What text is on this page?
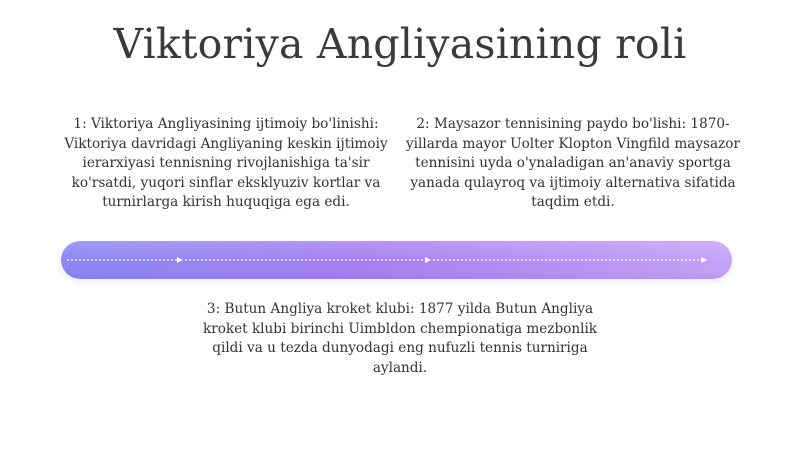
Viktoriya Angliyasining roli
1: Viktoriya Angliyasining ijtimoiy bo'linishi: Viktoriya davridagi Angliyaning keskin ijtimoiy ierarxiyasi tennisning rivojlanishiga ta'sir ko'rsatdi, yuqori sinflar eksklyuziv kortlar va turnirlarga kirish huquqiga ega edi.
2: Maysazor tennisining paydo bo'lishi: 1870-yillarda mayor Uolter Klopton Vingfild maysazor tennisini uyda o'ynaladigan an'anaviy sportga yanada qulayroq va ijtimoiy alternativa sifatida taqdim etdi.
3: Butun Angliya kroket klubi: 1877 yilda Butun Angliya kroket klubi birinchi Uimbldon chempionatiga mezbonlik qildi va u tezda dunyodagi eng nufuzli tennis turniriga aylandi.
